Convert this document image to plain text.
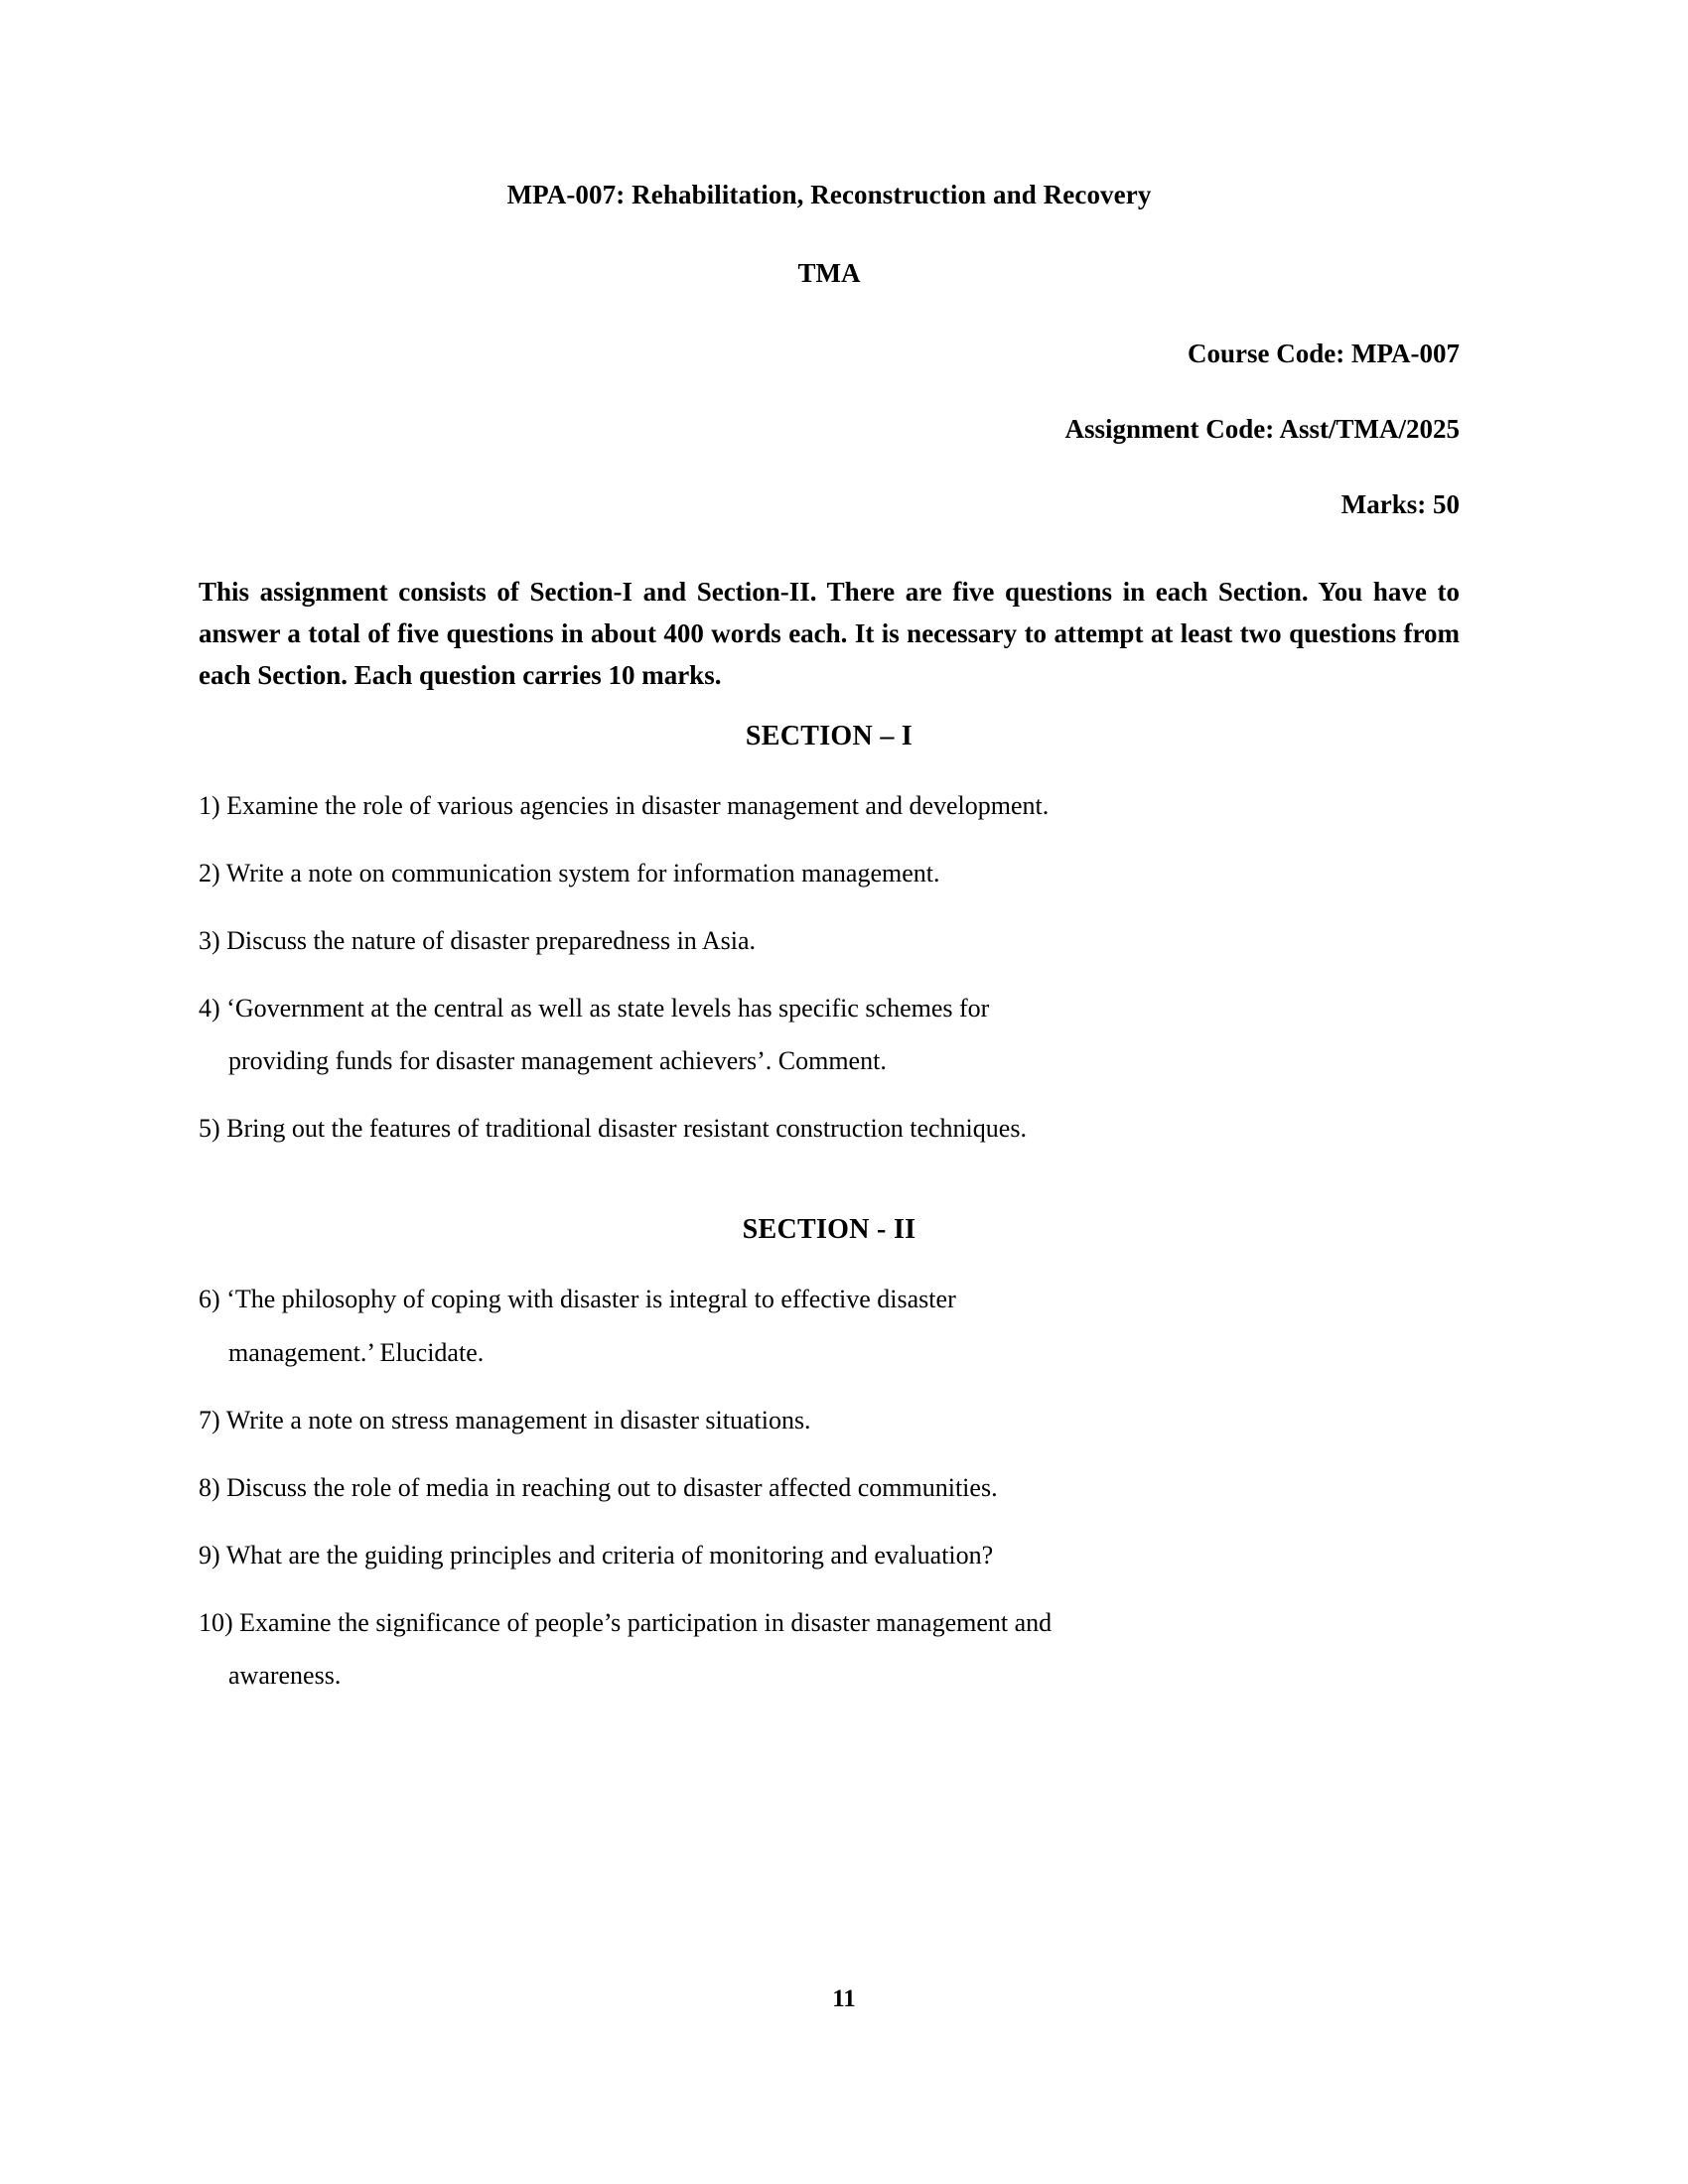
MPA-007: Rehabilitation, Reconstruction and Recovery
TMA
Course Code: MPA-007
Assignment Code: Asst/TMA/2025
Marks: 50
This assignment consists of Section-I and Section-II. There are five questions in each Section. You have to answer a total of five questions in about 400 words each. It is necessary to attempt at least two questions from each Section. Each question carries 10 marks.
SECTION – I
1) Examine the role of various agencies in disaster management and development.
2) Write a note on communication system for information management.
3) Discuss the nature of disaster preparedness in Asia.
4) ‘Government at the central as well as state levels has specific schemes for
providing funds for disaster management achievers’. Comment.
5) Bring out the features of traditional disaster resistant construction techniques.
SECTION - II
6) ‘The philosophy of coping with disaster is integral to effective disaster
management.’ Elucidate.
7) Write a note on stress management in disaster situations.
8) Discuss the role of media in reaching out to disaster affected communities.
9) What are the guiding principles and criteria of monitoring and evaluation?
10) Examine the significance of people’s participation in disaster management and
awareness.
11
